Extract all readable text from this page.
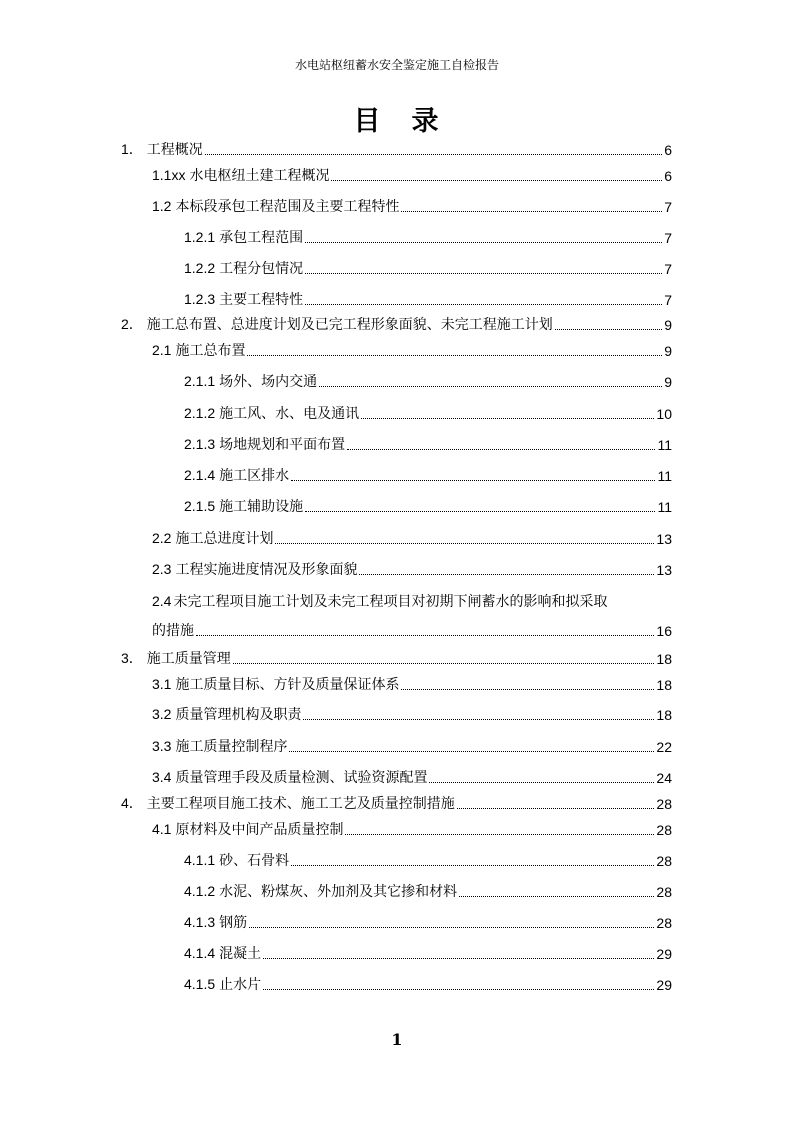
水电站枢纽蓄水安全鉴定施工自检报告
目　录
1． 工程概况	6
1.1xx 水电枢纽土建工程概况	6
1.2 本标段承包工程范围及主要工程特性	7
1.2.1 承包工程范围	7
1.2.2 工程分包情况	7
1.2.3 主要工程特性	7
2． 施工总布置、总进度计划及已完工程形象面貌、未完工程施工计划	9
2.1 施工总布置	9
2.1.1 场外、场内交通	9
2.1.2 施工风、水、电及通讯	10
2.1.3 场地规划和平面布置	11
2.1.4 施工区排水	11
2.1.5 施工辅助设施	11
2.2 施工总进度计划	13
2.3 工程实施进度情况及形象面貌	13
2.4 未完工程项目施工计划及未完工程项目对初期下闸蓄水的影响和拟采取
的措施	16
3． 施工质量管理	18
3.1 施工质量目标、方针及质量保证体系	18
3.2 质量管理机构及职责	18
3.3 施工质量控制程序	22
3.4 质量管理手段及质量检测、试验资源配置	24
4． 主要工程项目施工技术、施工工艺及质量控制措施	28
4.1 原材料及中间产品质量控制	28
4.1.1 砂、石骨料	28
4.1.2 水泥、粉煤灰、外加剂及其它掺和材料	28
4.1.3 钢筋	28
4.1.4 混凝土	29
4.1.5 止水片	29
1
